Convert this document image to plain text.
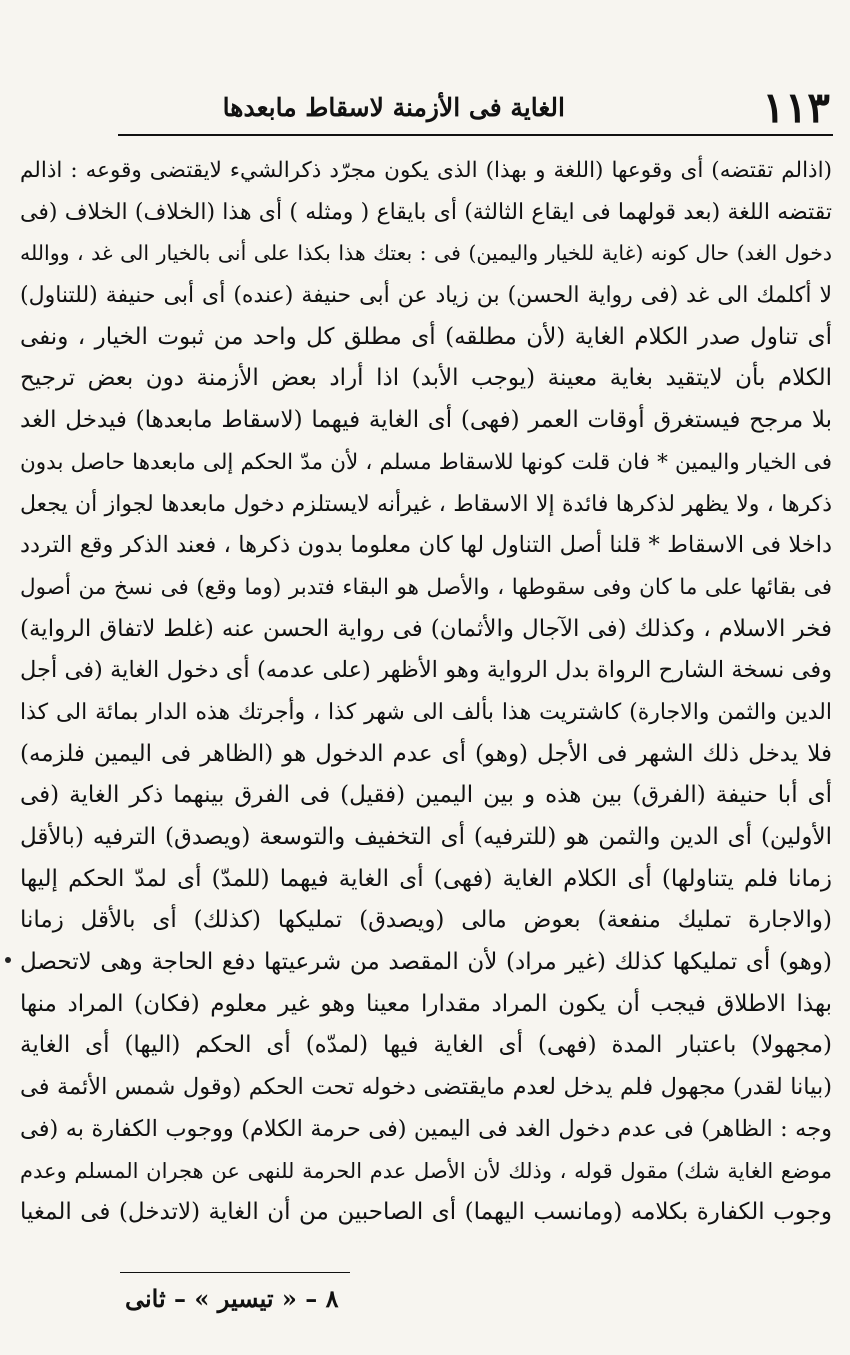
١١٣
الغاية فى الأزمنة لاسقاط مابعدها
(اذالم تقتضه) أى وقوعها (اللغة و بهذا) الذى يكون مجرّد ذكرالشيء لايقتضى وقوعه : اذالم
تقتضه اللغة (بعد قولهما فى ايقاع الثالثة) أى بايقاع ( ومثله ) أى هذا (الخلاف) الخلاف (فى
دخول الغد) حال كونه (غاية للخيار واليمين) فى : بعتك هذا بكذا على أنى بالخيار الى غد ، ووالله
لا أكلمك الى غد (فى رواية الحسن) بن زياد عن أبى حنيفة (عنده) أى أبى حنيفة (للتناول)
أى تناول صدر الكلام الغاية (لأن مطلقه) أى مطلق كل واحد من ثبوت الخيار ، ونفى
الكلام بأن لايتقيد بغاية معينة (يوجب الأبد) اذا أراد بعض الأزمنة دون بعض ترجيح
بلا مرجح فيستغرق أوقات العمر (فهى) أى الغاية فيهما (لاسقاط مابعدها) فيدخل الغد
فى الخيار واليمين * فان قلت كونها للاسقاط مسلم ، لأن مدّ الحكم إلى مابعدها حاصل بدون
ذكرها ، ولا يظهر لذكرها فائدة إلا الاسقاط ، غيرأنه لايستلزم دخول مابعدها لجواز أن يجعل
داخلا فى الاسقاط * قلنا أصل التناول لها كان معلوما بدون ذكرها ، فعند الذكر وقع التردد
فى بقائها على ما كان وفى سقوطها ، والأصل هو البقاء فتدبر (وما وقع) فى نسخ من أصول
فخر الاسلام ، وكذلك (فى الآجال والأثمان) فى رواية الحسن عنه (غلط لاتفاق الرواية)
وفى نسخة الشارح الرواة بدل الرواية وهو الأظهر (على عدمه) أى دخول الغاية (فى أجل
الدين والثمن والاجارة) كاشتريت هذا بألف الى شهر كذا ، وأجرتك هذه الدار بمائة الى كذا
فلا يدخل ذلك الشهر فى الأجل (وهو) أى عدم الدخول هو (الظاهر فى اليمين فلزمه)
أى أبا حنيفة (الفرق) بين هذه و بين اليمين (فقيل) فى الفرق بينهما ذكر الغاية (فى
الأولين) أى الدين والثمن هو (للترفيه) أى التخفيف والتوسعة (ويصدق) الترفيه (بالأقل
زمانا فلم يتناولها) أى الكلام الغاية (فهى) أى الغاية فيهما (للمدّ) أى لمدّ الحكم إليها
(والاجارة تمليك منفعة) بعوض مالى (ويصدق) تمليكها (كذلك) أى بالأقل زمانا
(وهو) أى تمليكها كذلك (غير مراد) لأن المقصد من شرعيتها دفع الحاجة وهى لاتحصل
بهذا الاطلاق فيجب أن يكون المراد مقدارا معينا وهو غير معلوم (فكان) المراد منها
(مجهولا) باعتبار المدة (فهى) أى الغاية فيها (لمدّه) أى الحكم (اليها) أى الغاية
(بيانا لقدر) مجهول فلم يدخل لعدم مايقتضى دخوله تحت الحكم (وقول شمس الأئمة فى
وجه : الظاهر) فى عدم دخول الغد فى اليمين (فى حرمة الكلام) ووجوب الكفارة به (فى
موضع الغاية شك) مقول قوله ، وذلك لأن الأصل عدم الحرمة للنهى عن هجران المسلم وعدم
وجوب الكفارة بكلامه (ومانسب اليهما) أى الصاحبين من أن الغاية (لاتدخل) فى المغيا
٨ – « تيسير » – ثانى
